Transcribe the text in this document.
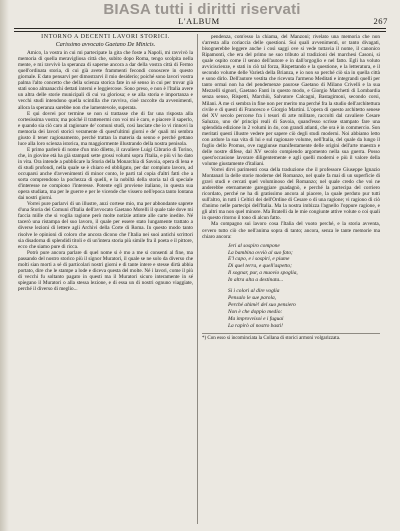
BIASA tutti i diritti riservati
L'ALBUM	267
INTORNO A DECENTI LAVORI STORICI.
Carissimo avvocato Gaetano De Minicis.

Amico, la vostra in cui mi partecipate la gita che foste a Napoli, mi ravvivò la memoria di quella meravigliosa città che, subito dopo Roma, tengo scolpita nella mente, e mi ravvivò la speranza di saperne ancora a dar della vostra città di Fermo quell'ordinata storia, di cui già avete frammenti fecondi conoscere in questo giornale. E dato pensarvi per dimostrarvi il mio desiderio; poiché sono lavori vostra palma l'alto concetto che della scienza storica fate in sé senso in cui per trovar già stati sono almanacchi dettati interni e leggiercose. Sono preso, e non è l'Italia avere un altra delle storie municipali di cui va gloriosa; e se alla storia e importanza e vecchi studi intendono quella scintilla che ravviva, cioè raccolte da avvenimenti, allora la speranza sarebbe non che lamentevole, superata.

E qui dovrei por termine se non si trattasse che di far una risposta alla cortesissima vostra; ma poiché il trattenermi con voi mi è caro, e piacere il saperlo, e quando sia ciò caro al ragionare de' comuni studi, così lasciate che io vi rinnovi la memoria dei lavori storici veramente di quest'ultimi giorni e de' quali mi sembra giusto il tener ragionamento, perché trattan la materia da senno e perché gettano luce alla loro scienza istorica, ma maggiormente illustrando della nostra penisola.

E primo parlerò di nome d'un mio diletto, il cavaliere Luigi Cibrario di Torino, che, in giovine età ha già stampati sette grossi volumi sopra l'Italia, e più vi ho dato in vita. Ora intende a pubblicare la Storia della Monarchia di Savoia, opera di lena e di studi profondi, nella quale se è chiaro ed obbligato, per dar compiuto lavoro, ad occuparsi anche d'avvenimenti di minor conto, le parti tal copia d'altri fatti che a sorta comprendono la pochezza di quelli, e la nobiltà della storia tal di speciale d'interesse ne compiono l'interesse. Potente egli proviene italiano, in questa sua opera studiata, ma per le guerre e per le vicende che vissero nell'epoca tanto lontana dai nostri giorni.

Vorrei pure parlarvi di un illustre, anzi cortese mio, ma per abbondante saprete d'una Storia dei Comuni d'Italia dell'avvocato Gaetano Morelli il quale tale dove mi faccia mille che si voglia ragione però molte notizie attinte alle carte inedite. Né tacerò una ristampa del suo lavoro, il quale per essere stato lungamente trattato a diverse lezioni di lettere agli Archivi della Corte di Roma. In questo modo tanto risolve le opinioni di coloro che ancora dicono che l'Italia nei suoi antichi scrittori sia disadorna di splendidi titoli e di un'intera storia più simile fra il poeta e il pittore, ecco che siamo pure di ricca.

Potrò pure ancora parlare di quel nome si è mo a me si consenti al fine, ma passando del nostro storico più il signor Muratori, il quale se ne solo da diverso che molti sian morti a sé di particolari nostri giorni e di tante intere e stesse dirtà abbia portato, dire che le stampe a lode e diceva questa del molte. Né i lavori, come il più di vecchi fu soltanto pagato in questi ma il Muratori sicuro interamente in sé spiegano il Muratori o alla stessa lezione, e di essa un di nostri ognuno viaggiate, perché il diverso di meglio...

pendenza, com'esso la chiama, del Manzoni; rivelato una memoria che non s'arresta alla coriaccia delle questioni. Sui quali avvenimenti, or tanto divagati, bisognerebbe leggere anche i così saggi ove si vede tuttavia il nome, il canonico Ripamonti, che era del primo ne suo tributo al tradizioni dei marchesi Casoni, si quale ospito come il senno dell'autore e in dall'orgoglio e nel fatto. Egli ha voluto avviciscienze, e stati in ciò tal forza, Rispettando e la questione, e la letteratura, e il secondo volume delle Varietà della Brianza, e io non so perché ciò sia in quella città e sono dirlo. Dell'autore vestita che ricevuta l'armeno Meditati e integrandi quelli per tanto ormai non ha del pendemenze paurose Gaetano di Milano Crivelli e la sua Mezzelli signori, Gaetano Fanti in questo modo, e Giorgio Marchetti di Lombardia senza senso, Rispetti, Marchiù, Salvatore Calcagni, Bastagimoni, secondo corsi, Milani. A me ci sembra in fine non per merito ma perché fra la studio dell'architettura civile e di questi di Francesco e Giorgio Martini. L'opera di questo architetto senese del XV secolo percorse fra i tesori di arte militare, raccolti dal cavaliere Cesare Saluzzo, uno de' principi reali di Savoia, quand'esso scrisse stampato fare una splendida edizione in 2 volumi in 4o, con grandi atlanti, che ora è in commercio. Son meritati questi illustre vedere per sapere ciò degli studi moderni. Noi abbiamo letto con ardore la sua vita di lui e sul ragionare volume, nell'Italia, del quale da lungo il foglio dello Promus, ove raggiunse manifestamente delle origini dell'arte maestra e delle nostre difese, dal XV secolo compiendo argomento nella sua guerra. Posso quest'occasione lavorare diligentemente e agli quelli moderni e più il valore della volume giustamente d'italiani.

Vorrei dirvi parimenti cosa della traduzione che il professore Giuseppe Ignazio Montanari la delle storie moderne del Romanzo, nel quale fa mai di un superficie di gravi studi e cercati quel voluminoso del Romanzo; nel quale credo che voi ne anderebbe eternamente gareggiare guadagnò, e perché la partecipa del corriero ricordato, perché ne ha di gratissimo ancora al piacere, la quale perduto pur tutti sull'altro, in tutti i Celtici dei dell'Ordine di Cesare o di una ragione; vi ragiono di ciò d'animo nelle partecipi dell'Italia. Ma la nostra imbizza l'agnello l'oppure ragione, e gli altri ma non quel minore. Ma Bratelli da le mie congiunte attive volute o coi quali in questo ritorno il tono di alcun fatto.

Ma compagno sui lavoro cosa l'Italia del vuoto perché, e la storia avventa, ovvero tutto ciò che nell'anima sopra di tanto; ancora, senza le tante memorie ma chiaro ancora:

Jeri al sospiro compone
La bambina ovviò al suo fato;
E'l capo, e i sospiri, e piume
Di quel terra, e quell'aspetto;
Il sognar, pur, a muovio spoglia,
In altra alta a destinata...
Si i colori al dire voglia
Pensalo le sue parola,
Perché ahimè! del suo pensiero
Non è che doppio medio:
Ma improvvisoi e i fuguai
La rapirò al nostro basti!
*) Con esso si incominciata la Collana di storici armoni volgarizzata.
